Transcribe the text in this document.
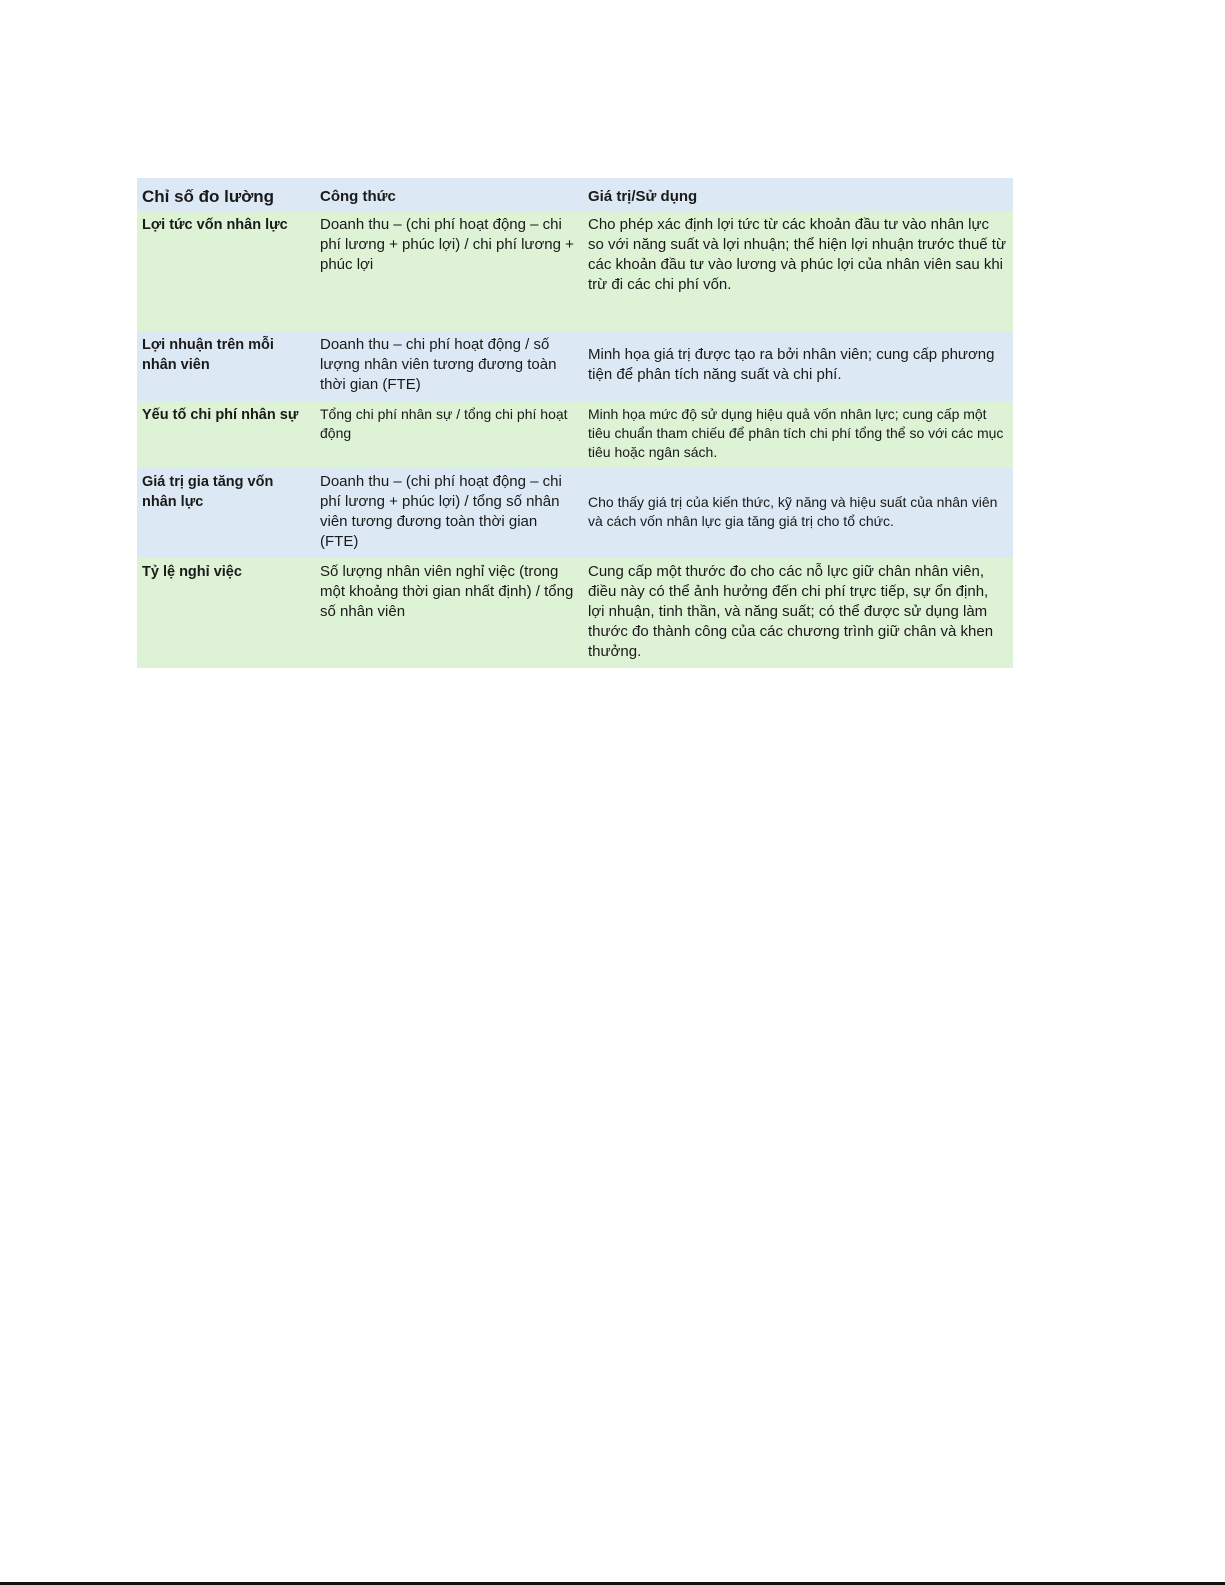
Chỉ số đo lường	Công thức	Giá trị/Sử dụng
Lợi tức vốn nhân lực	Doanh thu – (chi phí hoạt động – chi phí lương + phúc lợi) / chi phí lương + phúc lợi	Cho phép xác định lợi tức từ các khoản đầu tư vào nhân lực so với năng suất và lợi nhuận; thể hiện lợi nhuận trước thuế từ các khoản đầu tư vào lương và phúc lợi của nhân viên sau khi trừ đi các chi phí vốn.
Lợi nhuận trên mỗi nhân viên	Doanh thu – chi phí hoạt động / số lượng nhân viên tương đương toàn thời gian (FTE)	Minh họa giá trị được tạo ra bởi nhân viên; cung cấp phương tiện để phân tích năng suất và chi phí.
Yếu tố chi phí nhân sự	Tổng chi phí nhân sự / tổng chi phí hoạt động	Minh họa mức độ sử dụng hiệu quả vốn nhân lực; cung cấp một tiêu chuẩn tham chiếu để phân tích chi phí tổng thể so với các mục tiêu hoặc ngân sách.
Giá trị gia tăng vốn nhân lực	Doanh thu – (chi phí hoạt động – chi phí lương + phúc lợi) / tổng số nhân viên tương đương toàn thời gian (FTE)	Cho thấy giá trị của kiến thức, kỹ năng và hiệu suất của nhân viên và cách vốn nhân lực gia tăng giá trị cho tổ chức.
Tỷ lệ nghỉ việc	Số lượng nhân viên nghỉ việc (trong một khoảng thời gian nhất định) / tổng số nhân viên	Cung cấp một thước đo cho các nỗ lực giữ chân nhân viên, điều này có thể ảnh hưởng đến chi phí trực tiếp, sự ổn định, lợi nhuận, tinh thần, và năng suất; có thể được sử dụng làm thước đo thành công của các chương trình giữ chân và khen thưởng.
